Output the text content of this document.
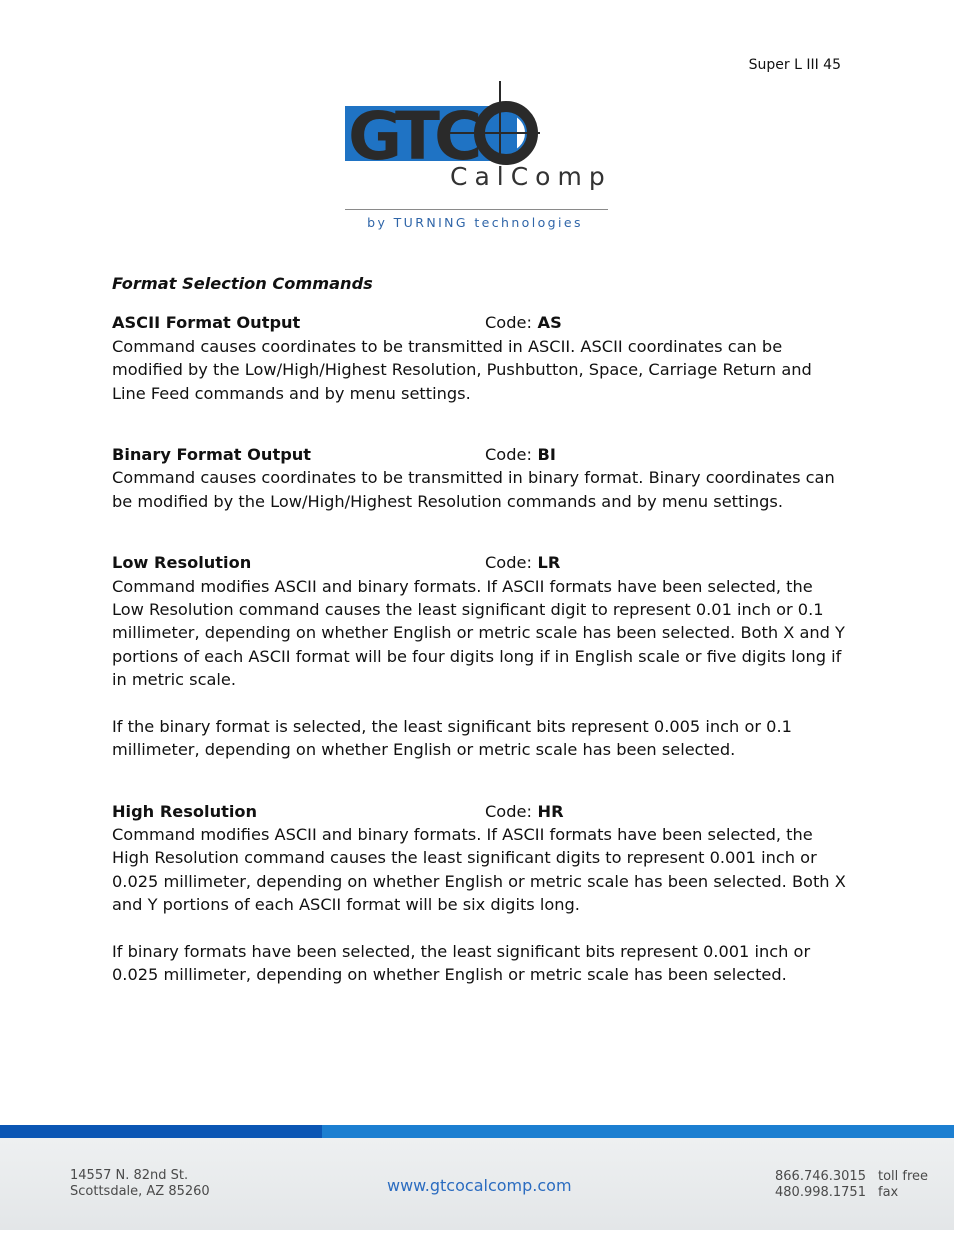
Super L III 45
GTC
CalComp
by TURNING technologies
Format Selection Commands
ASCII Format Output	Code: AS

Command causes coordinates to be transmitted in ASCII. ASCII coordinates can be modified by the Low/High/Highest Resolution, Pushbutton, Space, Carriage Return and Line Feed commands and by menu settings.

Binary Format Output	Code: BI

Command causes coordinates to be transmitted in binary format. Binary coordinates can be modified by the Low/High/Highest Resolution commands and by menu settings.

Low Resolution	Code: LR

Command modifies ASCII and binary formats. If ASCII formats have been selected, the Low Resolution command causes the least significant digit to represent 0.01 inch or 0.1 millimeter, depending on whether English or metric scale has been selected. Both X and Y portions of each ASCII format will be four digits long if in English scale or five digits long if in metric scale.

If the binary format is selected, the least significant bits represent 0.005 inch or 0.1 millimeter, depending on whether English or metric scale has been selected.

High Resolution	Code: HR

Command modifies ASCII and binary formats. If ASCII formats have been selected, the High Resolution command causes the least significant digits to represent 0.001 inch or 0.025 millimeter, depending on whether English or metric scale has been selected. Both X and Y portions of each ASCII format will be six digits long.

If binary formats have been selected, the least significant bits represent 0.001 inch or 0.025 millimeter, depending on whether English or metric scale has been selected.

14557 N. 82nd St.
Scottsdale, AZ 85260	www.gtcocalcomp.com	866.746.3015
480.998.1751
toll free
fax
